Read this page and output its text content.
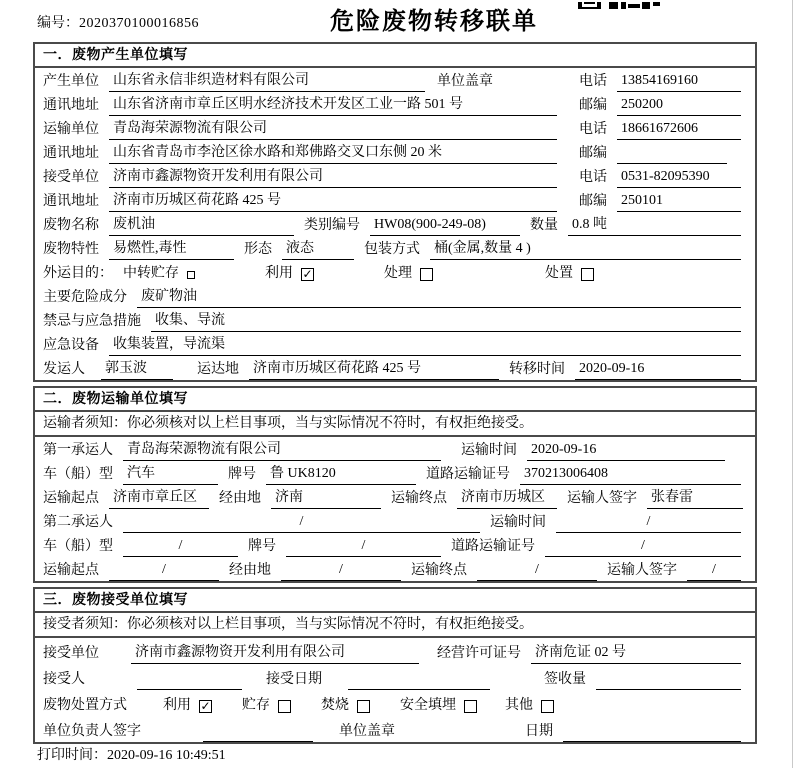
编号：2020370100016856	危险废物转移联单
一．废物产生单位填写
产生单位 山东省永信非织造材料有限公司	单位盖章	电话 13854169160
通讯地址 山东省济南市章丘区明水经济技术开发区工业一路 501 号	邮编 250200
运输单位 青岛海荣源物流有限公司	电话 18661672606
通讯地址 山东省青岛市李沧区徐水路和郑佛路交叉口东侧 20 米	邮编
接受单位 济南市鑫源物资开发利用有限公司	电话 0531-82095390
通讯地址 济南市历城区荷花路 425 号	邮编 250101
废物名称 废机油	类别编号 HW08(900-249-08)	数量 0.8 吨
废物特性 易燃性,毒性	形态 液态	包装方式 桶(金属,数量 4 )
外运目的： 中转贮存	利用 ✓	处理	处置
主要危险成分 废矿物油
禁忌与应急措施 收集、导流
应急设备 收集装置，导流渠
发运人 郭玉波	运达地 济南市历城区荷花路 425 号	转移时间 2020-09-16
二．废物运输单位填写
运输者须知：你必须核对以上栏目事项，当与实际情况不符时，有权拒绝接受。
第一承运人 青岛海荣源物流有限公司	运输时间 2020-09-16
车（船）型 汽车	牌号 鲁 UK8120	道路运输证号 370213006408
运输起点 济南市章丘区	经由地 济南	运输终点 济南市历城区	运输人签字 张春雷
第二承运人	/	运输时间	/
车（船）型	/	牌号	/	道路运输证号	/
运输起点	/	经由地	/	运输终点	/	运输人签字	/
三．废物接受单位填写
接受者须知：你必须核对以上栏目事项，当与实际情况不符时，有权拒绝接受。
接受单位	济南市鑫源物资开发利用有限公司	经营许可证号 济南危证 02 号
接受人	接受日期	签收量
废物处置方式	利用 ✓ 贮存	焚烧	安全填埋	其他
单位负责人签字	单位盖章	日期
打印时间：2020-09-16 10:49:51
